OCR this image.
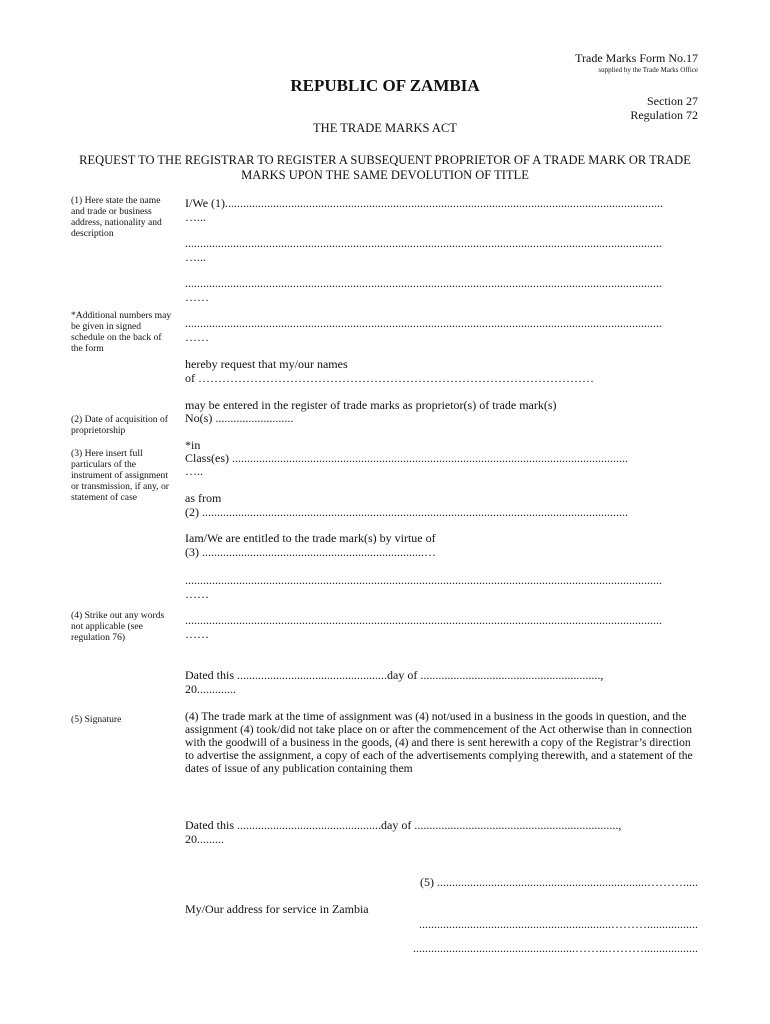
Trade Marks Form No.17
supplied by the Trade Marks Office
REPUBLIC OF ZAMBIA
Section 27
Regulation 72
THE TRADE MARKS ACT
REQUEST TO THE REGISTRAR TO REGISTER A SUBSEQUENT PROPRIETOR OF A TRADE MARK OR TRADE MARKS UPON THE SAME DEVOLUTION OF TITLE
(1) Here state the name and trade or business address, nationality and description
*Additional numbers may be given in signed schedule on the back of the form
(2) Date of acquisition of proprietorship
(3) Here insert full particulars of the instrument of assignment or transmission, if any, or statement of case
(4) Strike out any words not applicable (see regulation 76)
(5) Signature
I/We (1)..................................................................................................................................................
…...
...............................................................................................................................................................
…...
...............................................................................................................................................................
……
...............................................................................................................................................................
……
hereby request that my/our names
of ………………………………………………………………………………………
may be entered in the register of trade marks as proprietor(s) of trade mark(s)
No(s) ..........................
*in
Class(es) ....................................................................................................................................
…..
as from
(2) ..............................................................................................................................................
Iam/We are entitled to the trade mark(s) by virtue of
(3) ..........................................................................…
...............................................................................................................................................................
……
...............................................................................................................................................................
……
Dated this ..................................................day of ............................................................,
20.............
(4) The trade mark at the time of assignment was (4) not/used in a business in the goods in question, and the assignment (4) took/did not take place on or after the commencement of the Act otherwise than in connection with the goodwill of a business in the goods, (4) and there is sent herewith a copy of the Registrar’s direction to advertise the assignment, a copy of each of the advertisements complying therewith, and a statement of the dates of issue of any publication containing them
Dated this ................................................day of ....................................................................,
20.........
(5) ......................................................................……….....
My/Our address for service in Zambia
................................................................……….................
......................................................……...………..................
